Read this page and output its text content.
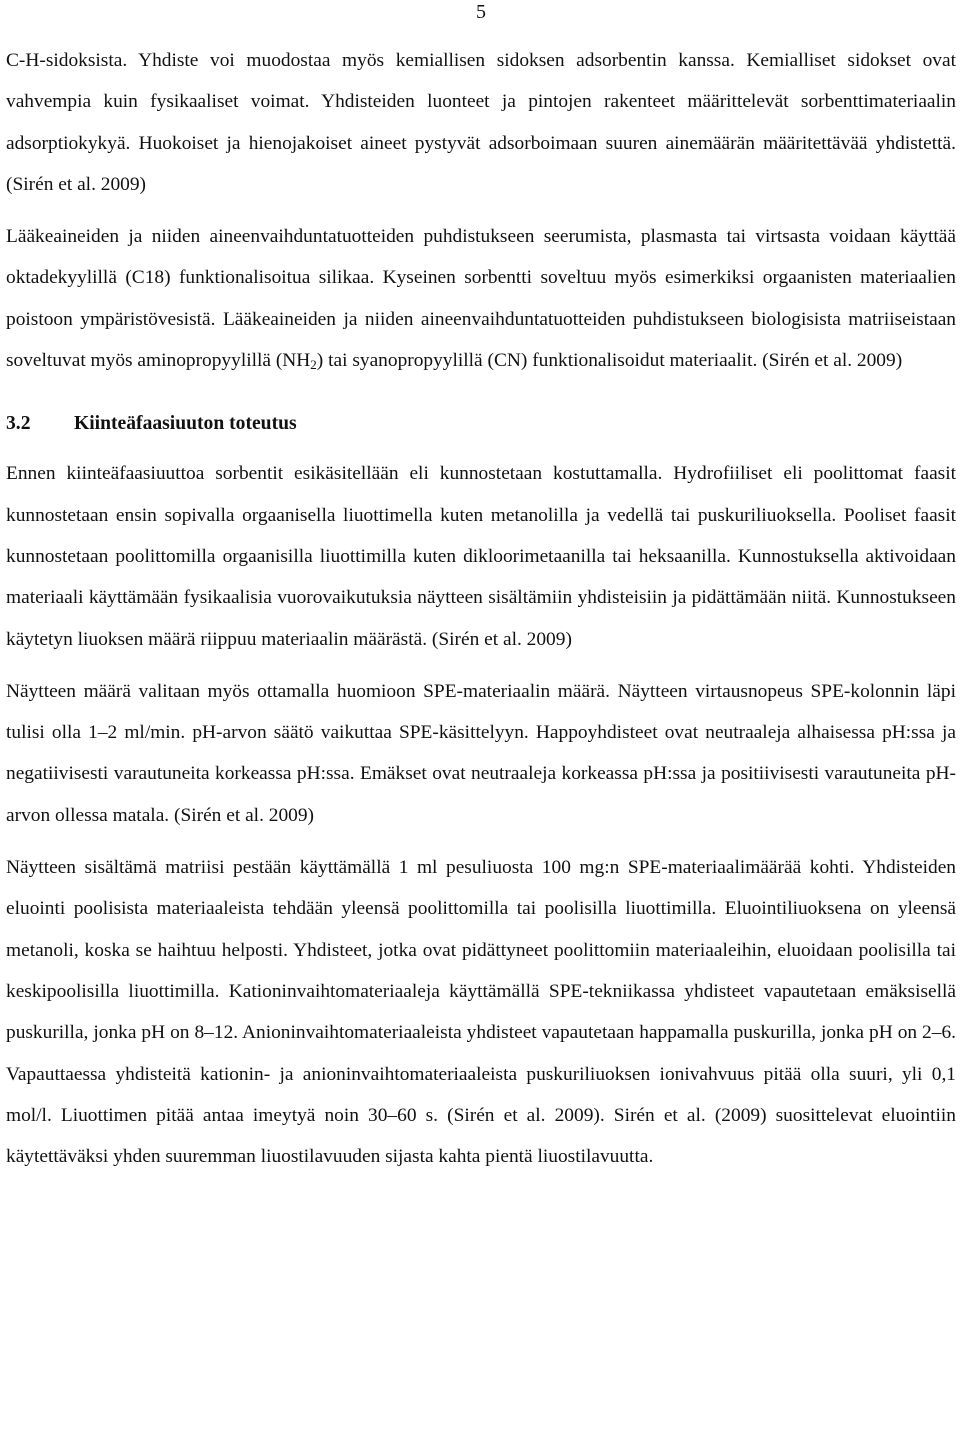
5

C-H-sidoksista. Yhdiste voi muodostaa myös kemiallisen sidoksen adsorbentin kanssa. Kemialliset sidokset ovat vahvempia kuin fysikaaliset voimat. Yhdisteiden luonteet ja pintojen rakenteet määrittelevät sorbenttimateriaalin adsorptiokykyä. Huokoiset ja hienojakoiset aineet pystyvät adsorboimaan suuren ainemäärän määritettävää yhdistettä. (Sirén et al. 2009)

Lääkeaineiden ja niiden aineenvaihduntatuotteiden puhdistukseen seerumista, plasmasta tai virtsasta voidaan käyttää oktadekyylillä (C18) funktionalisoitua silikaa. Kyseinen sorbentti soveltuu myös esimerkiksi orgaanisten materiaalien poistoon ympäristövesistä. Lääkeaineiden ja niiden aineenvaihduntatuotteiden puhdistukseen biologisista matriiseistaan soveltuvat myös aminopropyylillä $(NH_2)$ tai syanopropyylillä (CN) funktionalisoidut materiaalit. (Sirén et al. 2009)

3.2	Kiinteäfaasiuuton toteutus

Ennen kiinteäfaasiuuttoa sorbentit esikäsitellään eli kunnostetaan kostuttamalla. Hydrofiiliset eli poolittomat faasit kunnostetaan ensin sopivalla orgaanisella liuottimella kuten metanolilla ja vedellä tai puskuriliuoksella. Pooliset faasit kunnostetaan poolittomilla orgaanisilla liuottimilla kuten dikloorimetaanilla tai heksaanilla. Kunnostuksella aktivoidaan materiaali käyttämään fysikaalisia vuorovaikutuksia näytteen sisältämiin yhdisteisiin ja pidättämään niitä. Kunnostukseen käytetyn liuoksen määrä riippuu materiaalin määrästä. (Sirén et al. 2009)

Näytteen määrä valitaan myös ottamalla huomioon SPE-materiaalin määrä. Näytteen virtausnopeus SPE-kolonnin läpi tulisi olla 1–2 ml/min. pH-arvon säätö vaikuttaa SPE-käsittelyyn. Happoyhdisteet ovat neutraaleja alhaisessa pH:ssa ja negatiivisesti varautuneita korkeassa pH:ssa. Emäkset ovat neutraaleja korkeassa pH:ssa ja positiivisesti varautuneita pH-arvon ollessa matala. (Sirén et al. 2009)

Näytteen sisältämä matriisi pestään käyttämällä 1 ml pesuliuosta 100 mg:n SPE-materiaalimäärää kohti. Yhdisteiden eluointi poolisista materiaaleista tehdään yleensä poolittomilla tai poolisilla liuottimilla. Eluointiliuoksena on yleensä metanoli, koska se haihtuu helposti. Yhdisteet, jotka ovat pidättyneet poolittomiin materiaaleihin, eluoidaan poolisilla tai keskipoolisilla liuottimilla. Kationinvaihtomateriaaleja käyttämällä SPE-tekniikassa yhdisteet vapautetaan emäksisellä puskurilla, jonka pH on 8–12. Anioninvaihtomateriaaleista yhdisteet vapautetaan happamalla puskurilla, jonka pH on 2–6. Vapauttaessa yhdisteitä kationin- ja anioninvaihtomateriaaleista puskuriliuoksen ionivahvuus pitää olla suuri, yli 0,1 mol/l. Liuottimen pitää antaa imeytyä noin 30–60 s. (Sirén et al. 2009). Sirén et al. (2009) suosittelevat eluointiin käytettäväksi yhden suuremman liuostilavuuden sijasta kahta pientä liuostilavuutta.
